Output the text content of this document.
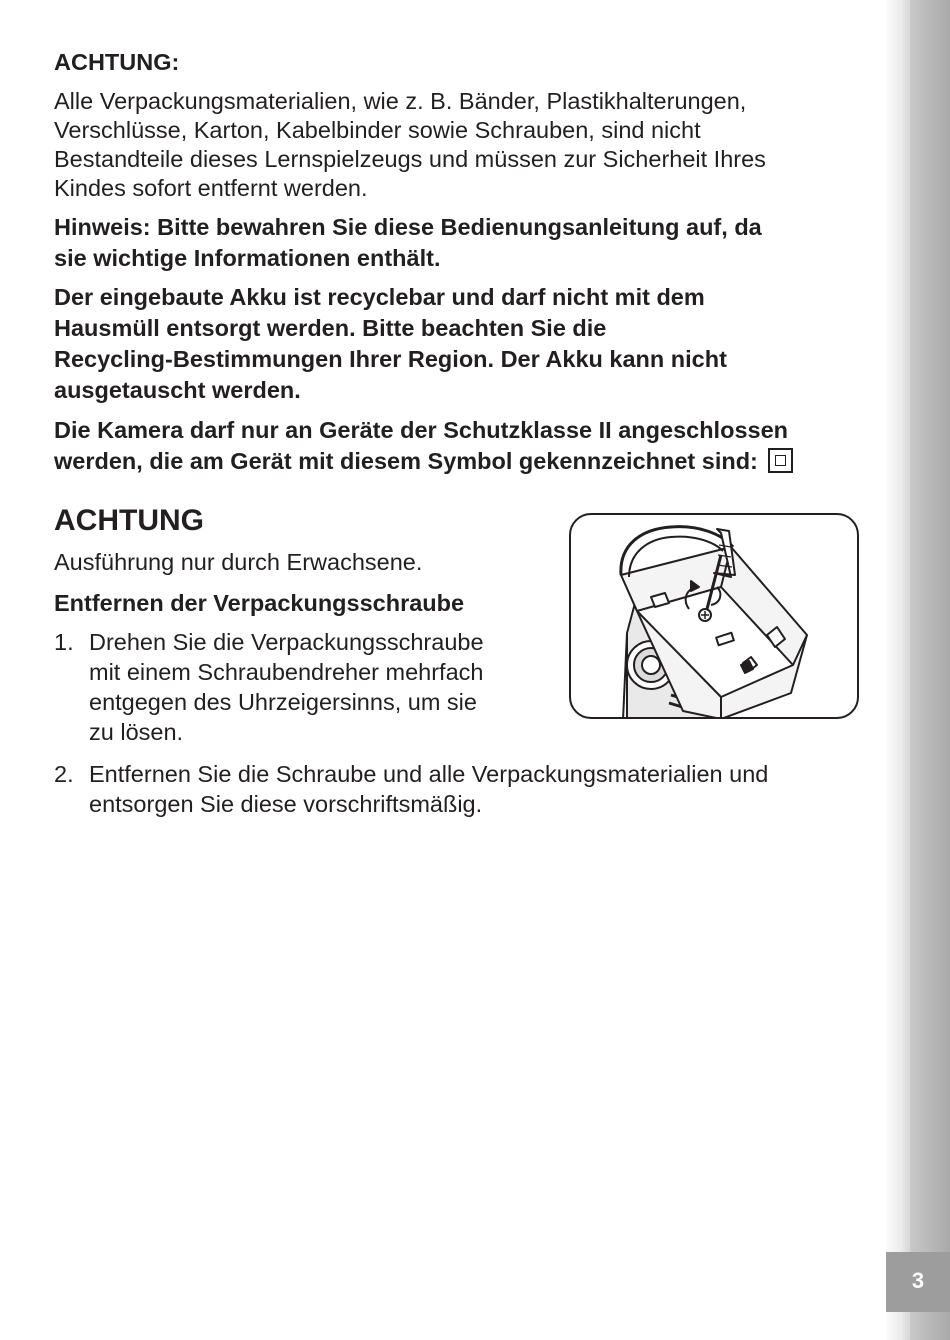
3

ACHTUNG:

Alle Verpackungsmaterialien, wie z. B. Bänder, Plastikhalterungen,

Verschlüsse, Karton, Kabelbinder sowie Schrauben, sind nicht

Bestandteile dieses Lernspielzeugs und müssen zur Sicherheit Ihres

Kindes sofort entfernt werden.

Hinweis: Bitte bewahren Sie diese Bedienungsanleitung auf, da

sie wichtige Informationen enthält.

Der eingebaute Akku ist recyclebar und darf nicht mit dem

Hausmüll entsorgt werden. Bitte beachten Sie die

Recycling-Bestimmungen Ihrer Region. Der Akku kann nicht

ausgetauscht werden.

Die Kamera darf nur an Geräte der Schutzklasse II angeschlossen

werden, die am Gerät mit diesem Symbol gekennzeichnet sind:

ACHTUNG

Ausführung nur durch Erwachsene.

Entfernen der Verpackungsschraube

1. Drehen Sie die Verpackungsschraube
mit einem Schraubendreher mehrfach
entgegen des Uhrzeigersinns, um sie
zu lösen.
2. Entfernen Sie die Schraube und alle Verpackungsmaterialien und
entsorgen Sie diese vorschriftsmäßig.
